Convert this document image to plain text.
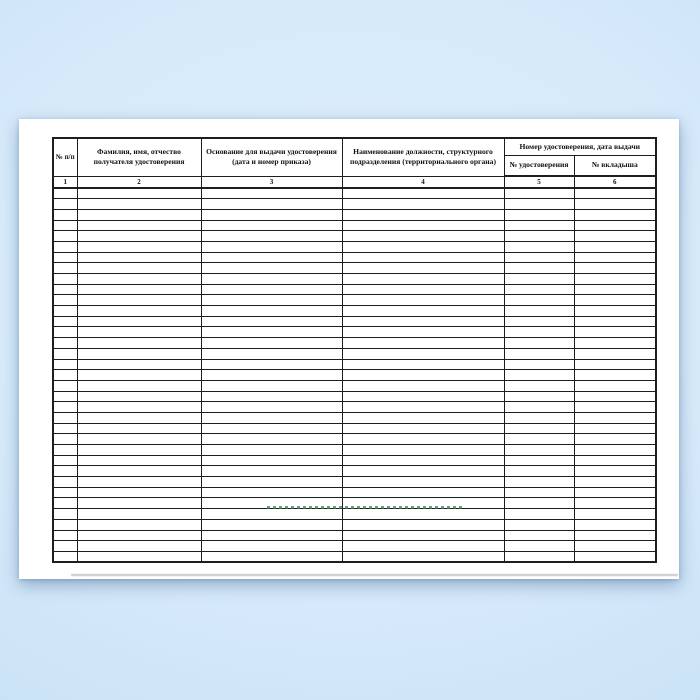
№ п/п	Фамилия, имя, отчество получателя удостоверения	Основание для выдачи удостоверения (дата и номер приказа)	Наименование должности, структурного подразделения (территориального органа)	Номер удостоверения, дата выдачи	
				№ удостоверения	№ вкладыша
1	2	3	4	5	6
